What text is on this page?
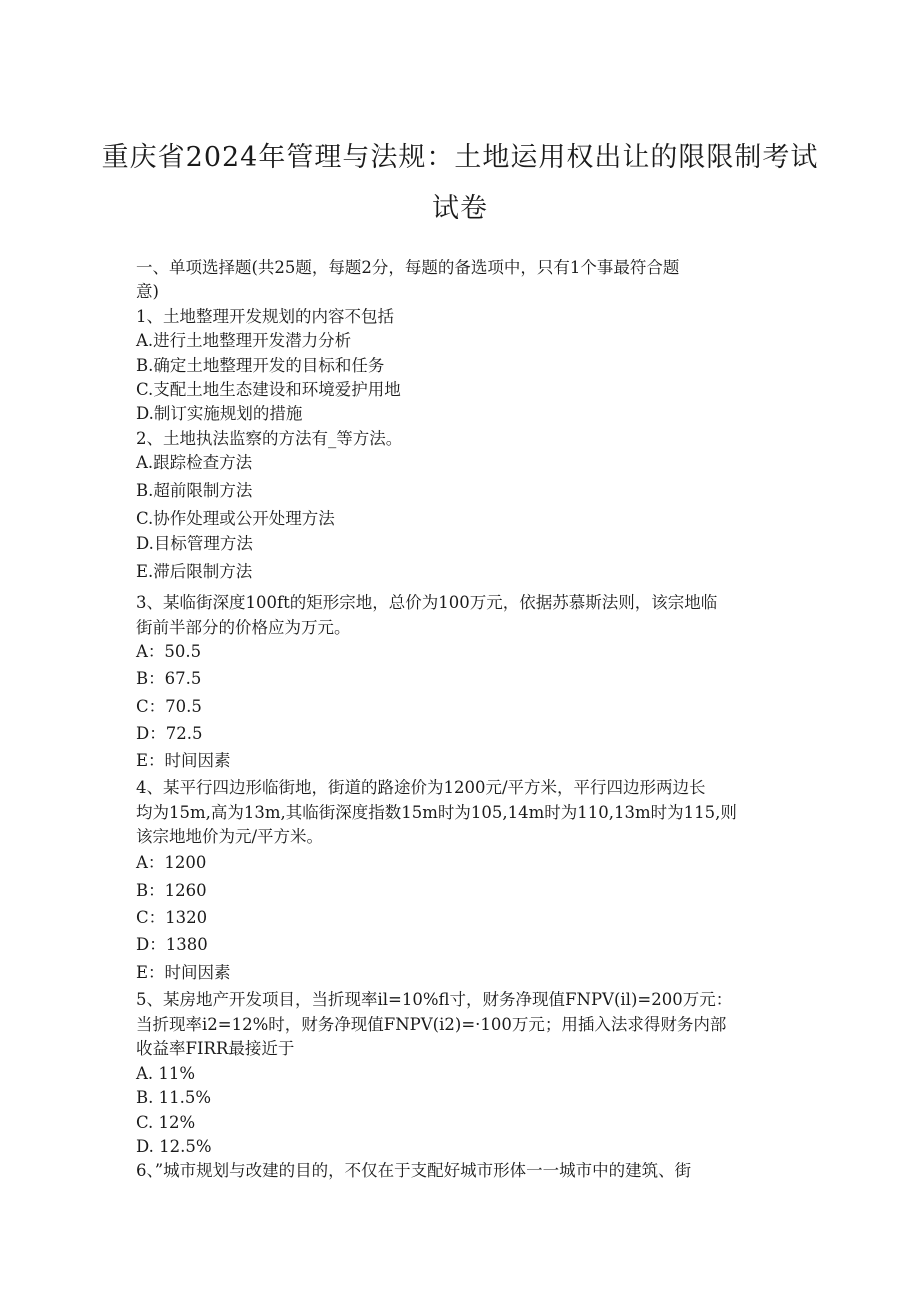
重庆省2024年管理与法规：土地运用权出让的限限制考试
试卷
一、单项选择题(共25题，每题2分，每题的备选项中，只有1个事最符合题
意)
1、土地整理开发规划的内容不包括
A.进行土地整理开发潜力分析
B.确定土地整理开发的目标和任务
C.支配土地生态建设和环境爱护用地
D.制订实施规划的措施
2、土地执法监察的方法有_等方法。
A.跟踪检查方法
B.超前限制方法
C.协作处理或公开处理方法
D.目标管理方法
E.滞后限制方法
3、某临街深度100ft的矩形宗地，总价为100万元，依据苏慕斯法则，该宗地临
街前半部分的价格应为万元。
A：50.5
B：67.5
C：70.5
D：72.5
E：时间因素
4、某平行四边形临街地，街道的路途价为1200元/平方米，平行四边形两边长
均为15m,高为13m,其临街深度指数15m时为105,14m时为110,13m时为115,则
该宗地地价为元/平方米。
A：1200
B：1260
C：1320
D：1380
E：时间因素
5、某房地产开发项目，当折现率il=10%fl寸，财务净现值FNPV(il)=200万元：
当折现率i2=12%时，财务净现值FNPV(i2)=·100万元；用插入法求得财务内部
收益率FIRR最接近于
A. 11%
B. 11.5%
C. 12%
D. 12.5%
6、”城市规划与改建的目的，不仅在于支配好城市形体一一城市中的建筑、街
